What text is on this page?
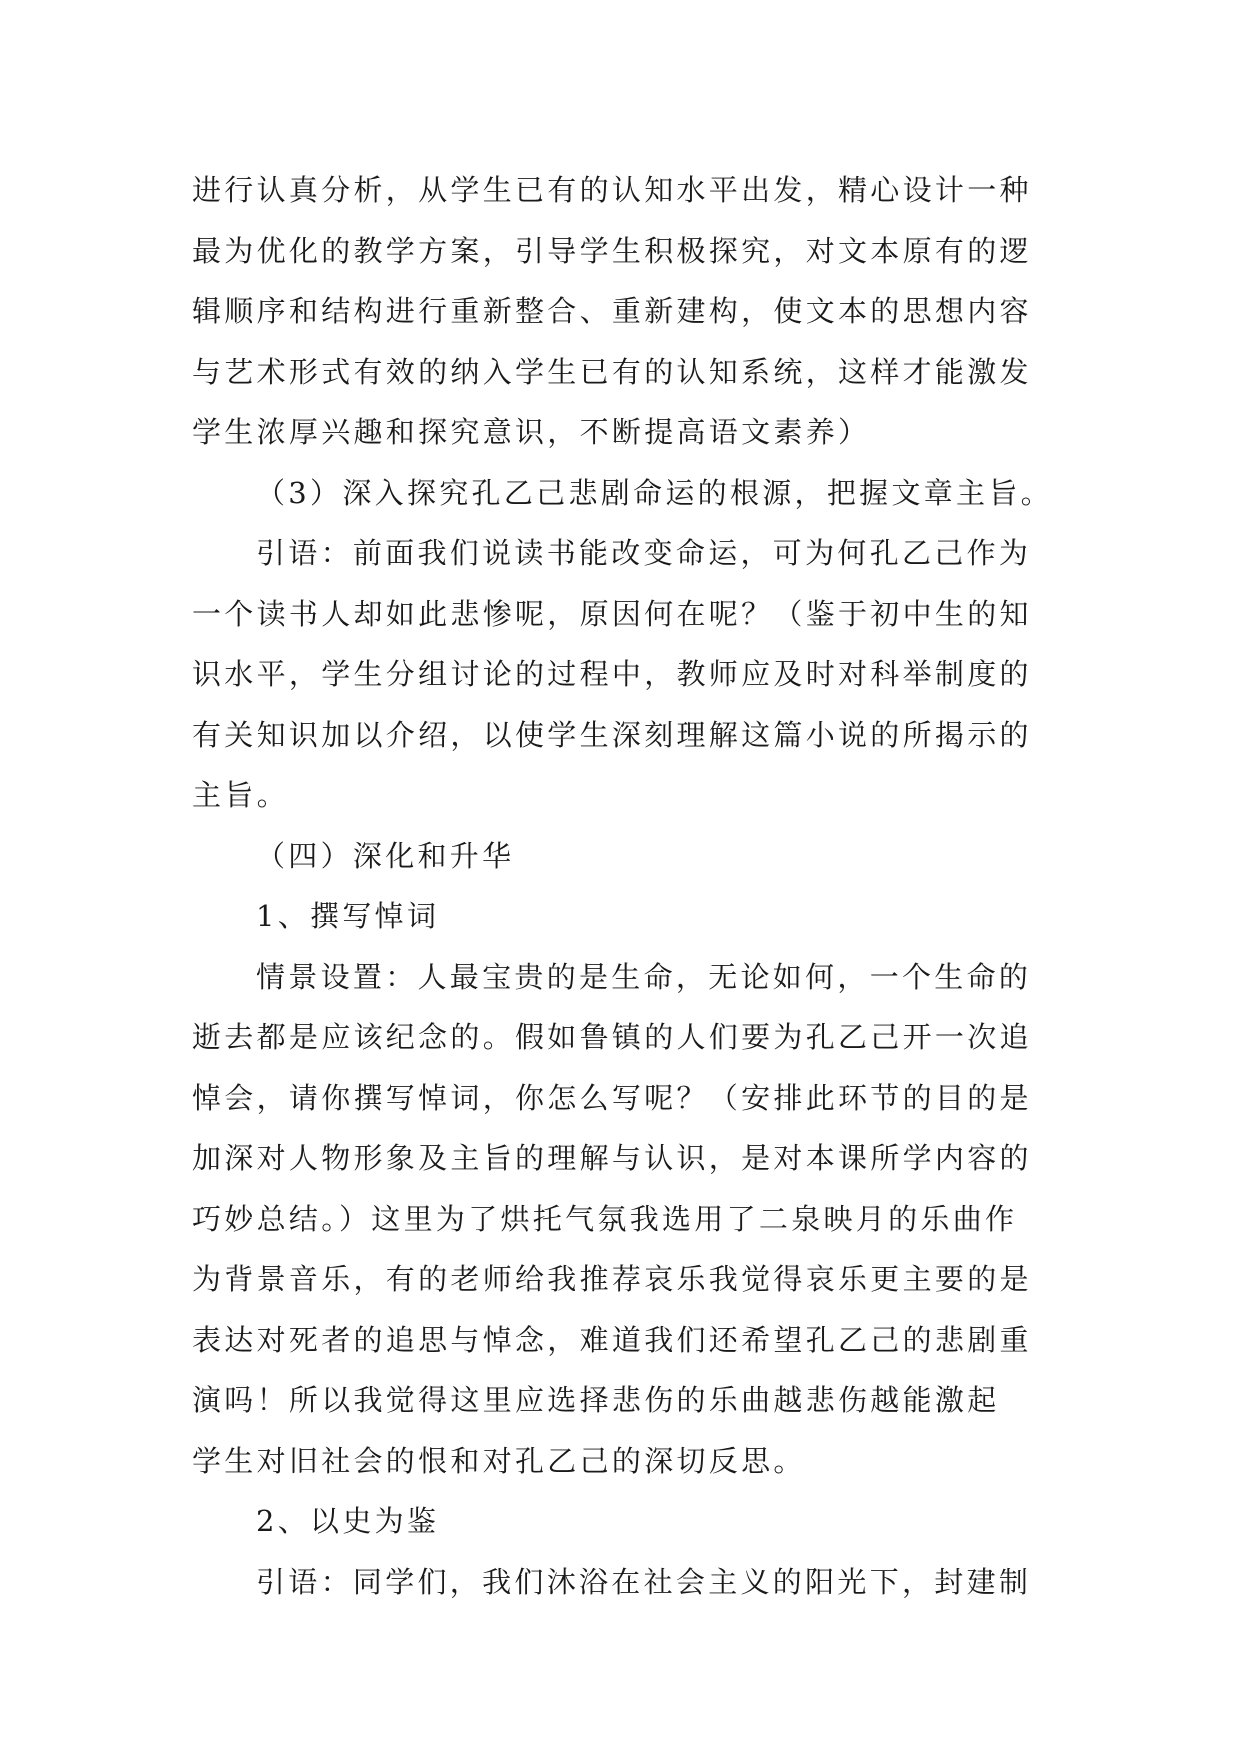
进行认真分析，从学生已有的认知水平出发，精心设计一种
最为优化的教学方案，引导学生积极探究，对文本原有的逻
辑顺序和结构进行重新整合、重新建构，使文本的思想内容
与艺术形式有效的纳入学生已有的认知系统，这样才能激发
学生浓厚兴趣和探究意识，不断提高语文素养）
（3）深入探究孔乙己悲剧命运的根源，把握文章主旨。
引语：前面我们说读书能改变命运，可为何孔乙己作为
一个读书人却如此悲惨呢，原因何在呢？（鉴于初中生的知
识水平，学生分组讨论的过程中，教师应及时对科举制度的
有关知识加以介绍，以使学生深刻理解这篇小说的所揭示的
主旨。
（四）深化和升华
1、撰写悼词
情景设置：人最宝贵的是生命，无论如何，一个生命的
逝去都是应该纪念的。假如鲁镇的人们要为孔乙己开一次追
悼会，请你撰写悼词，你怎么写呢？（安排此环节的目的是
加深对人物形象及主旨的理解与认识，是对本课所学内容的
巧妙总结。）这里为了烘托气氛我选用了二泉映月的乐曲作
为背景音乐，有的老师给我推荐哀乐我觉得哀乐更主要的是
表达对死者的追思与悼念，难道我们还希望孔乙己的悲剧重
演吗！所以我觉得这里应选择悲伤的乐曲越悲伤越能激起
学生对旧社会的恨和对孔乙己的深切反思。
2、以史为鉴
引语：同学们，我们沐浴在社会主义的阳光下，封建制
